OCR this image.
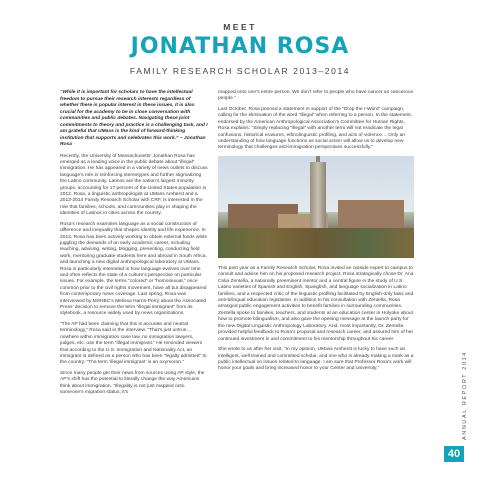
MEET
JONATHAN ROSA
FAMILY RESEARCH SCHOLAR 2013–2014

“While it is important for scholars to have the intellectual freedom to pursue their research interests regardless of whether there is popular interest in these issues, it is also crucial for the academy to be in close conversation with communities and public debates. Navigating these joint commitments to theory and practice is a challenging task, and I am grateful that UMass is the kind of forward-thinking institution that supports and celebrates this work.” – Jonathan Rosa

Recently, the University of Massachusetts’ Jonathan Rosa has emerged as a leading voice in the public debate about “illegal” immigration. He has appeared in a variety of news outlets to discuss language’s role in reinforcing stereotypes and further stigmatizing the Latino community. Latinos are the nation’s largest minority groups, accounting for 17 percent of the United States population in 2012. Rosa, a linguistic anthropologist at UMass Amherst and a 2013-2014 Family Research Scholar with CRF, is interested in the role that families, schools, and communities play in shaping the identities of Latinos in cities across the country.

Rosa’s research examines language as a social construction of difference and inequality that shapes identity and life experience. In 2013, Rosa has been actively working to obtain external funds while juggling the demands of an early academic career, including teaching, advising, writing, blogging, presenting, conducting field work, mentoring graduate students here and abroad in South Africa, and launching a new digital anthropological laboratory at UMass. Rosa is particularly interested in how language evolves over time and often reflects the state of a culture’s perspective on particular issues. For example, the terms “colored” or “homosexual,” once common prior to the civil rights movement, have all but disappeared from contemporary news coverage. Last spring, Rosa was interviewed by MSNBC’s Melissa Harris-Perry about the Associated Press’ decision to remove the term “illegal immigrant” from its stylebook, a resource widely used by news organizations.

“The AP had been claiming that this is accurate and neutral terminology,” Rosa said in the interview. “That’s just untrue…nowhere within immigration case law, no immigration lawyers, judges, etc. use the term “illegal immigrant.” He reminded viewers that according to the U.S. Immigration and Nationality Act, an immigrant is defined as a person who has been “legally admitted” to the country. “The term ‘illegal immigrant’ is an oxymoron.”

Since many people get their news from sources using AP style, the AP’s shift has the potential to literally change the way Americans think about immigration. “Illegality is not just mapped onto someone’s migration status; it’s

mapped onto one’s entire person. We don’t refer to people who have cancer as cancerous people.”

Last October, Rosa penned a statement in support of the “Drop the I-Word” campaign, calling for the elimination of the word “illegal” when referring to a person. In the statement, endorsed by the American Anthropological Association’s Committee for Human Rights, Rosa explains: “Simply replacing “illegal” with another term will not eradicate the legal confusions, historical erasures, ethnolinguistic profiling, and acts of violence… Only an understanding of how language functions as social action will allow us to develop new terminology that challenges anti-immigration perspectives successfully.”

This past year as a Family Research Scholar, Rosa invited an outside expert to campus to consult and advise him on his proposed research project. Rosa strategically chose Dr. Ana Celia Zentella, a nationally preeminent mentor and a central figure in the study of U.S. Latino varieties of Spanish and English, Spanglish, and language socialization in Latino families, and a respected critic of the linguistic profiling facilitated by English-only laws and anti-bilingual education legislation. In addition to his consultation with Zentella, Rosa arranged public engagement activities to benefit families in surrounding communities. Zentella spoke to families, teachers, and students at an education center in Holyoke about how to promote bilingualism, and also gave the opening message at the launch party for the new Digital Linguistic Anthropology Laboratory. And, most importantly, Dr. Zentella provided helpful feedback to Rosa’s proposal and research career, and assured him of her continued investment in and commitment to his mentorship throughout his career.

She wrote to us after her visit, “In my opinion, UMass Amherst is lucky to have such an intelligent, well trained and committed scholar, and one who is already making a mark as a public intellectual on issues related to language. I am sure that Professor Rosa’s work will honor your goals and bring increased honor to your Center and university.”	ANNUAL REPORT 2014
40
